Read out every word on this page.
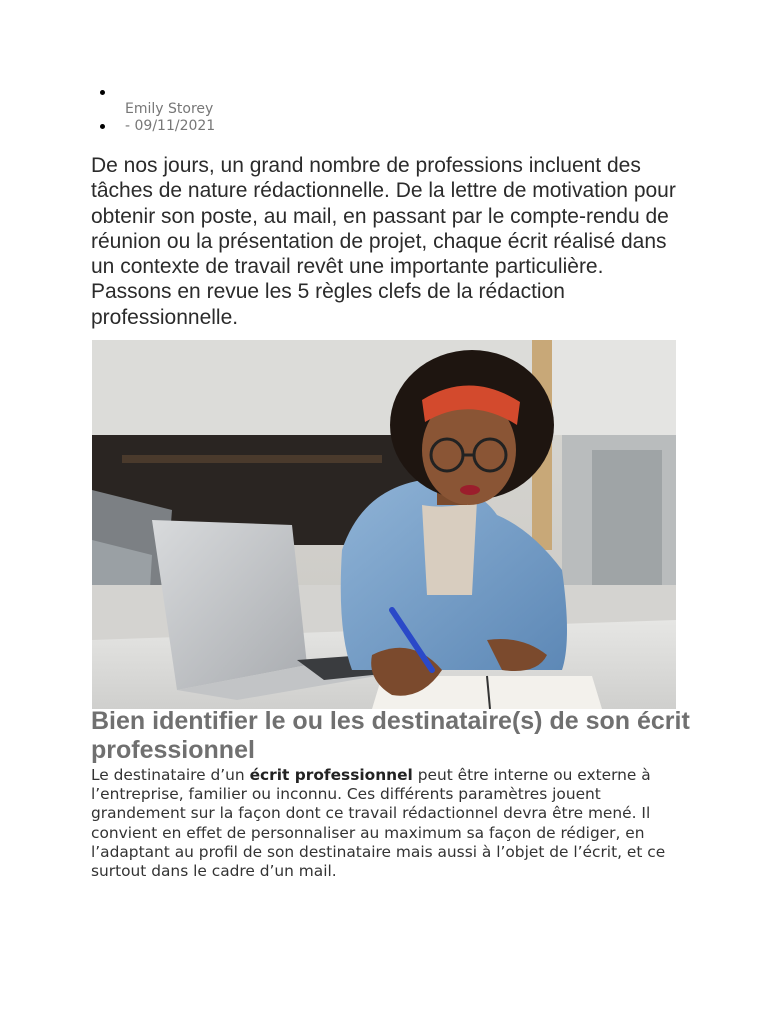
Emily Storey
- 09/11/2021

De nos jours, un grand nombre de professions incluent des tâches de nature rédactionnelle. De la lettre de motivation pour obtenir son poste, au mail, en passant par le compte-rendu de réunion ou la présentation de projet, chaque écrit réalisé dans un contexte de travail revêt une importante particulière. Passons en revue les 5 règles clefs de la rédaction professionnelle.

Bien identifier le ou les destinataire(s) de son écrit professionnel

Le destinataire d’un écrit professionnel peut être interne ou externe à l’entreprise, familier ou inconnu. Ces différents paramètres jouent grandement sur la façon dont ce travail rédactionnel devra être mené. Il convient en effet de personnaliser au maximum sa façon de rédiger, en l’adaptant au profil de son destinataire mais aussi à l’objet de l’écrit, et ce surtout dans le cadre d’un mail.
